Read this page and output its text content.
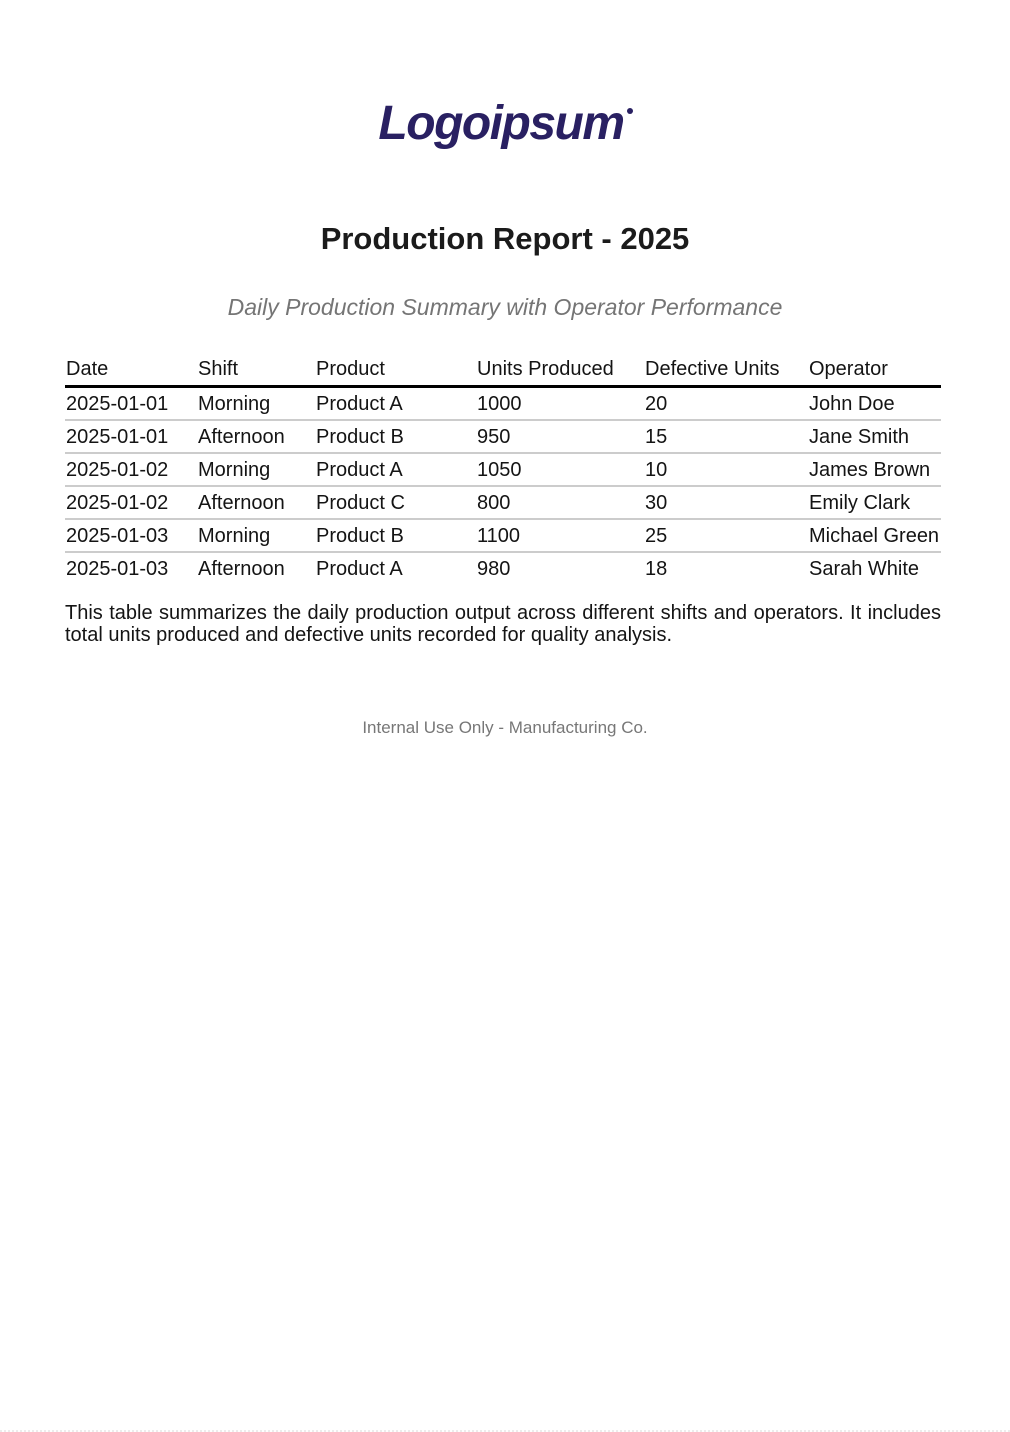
Logoipsum
Production Report - 2025
Daily Production Summary with Operator Performance
Date	Shift	Product	Units Produced	Defective Units	Operator
2025-01-01	Morning	Product A	1000	20	John Doe
2025-01-01	Afternoon	Product B	950	15	Jane Smith
2025-01-02	Morning	Product A	1050	10	James Brown
2025-01-02	Afternoon	Product C	800	30	Emily Clark
2025-01-03	Morning	Product B	1100	25	Michael Green
2025-01-03	Afternoon	Product A	980	18	Sarah White

This table summarizes the daily production output across different shifts and operators. It includes total units produced and defective units recorded for quality analysis.

Internal Use Only - Manufacturing Co.
